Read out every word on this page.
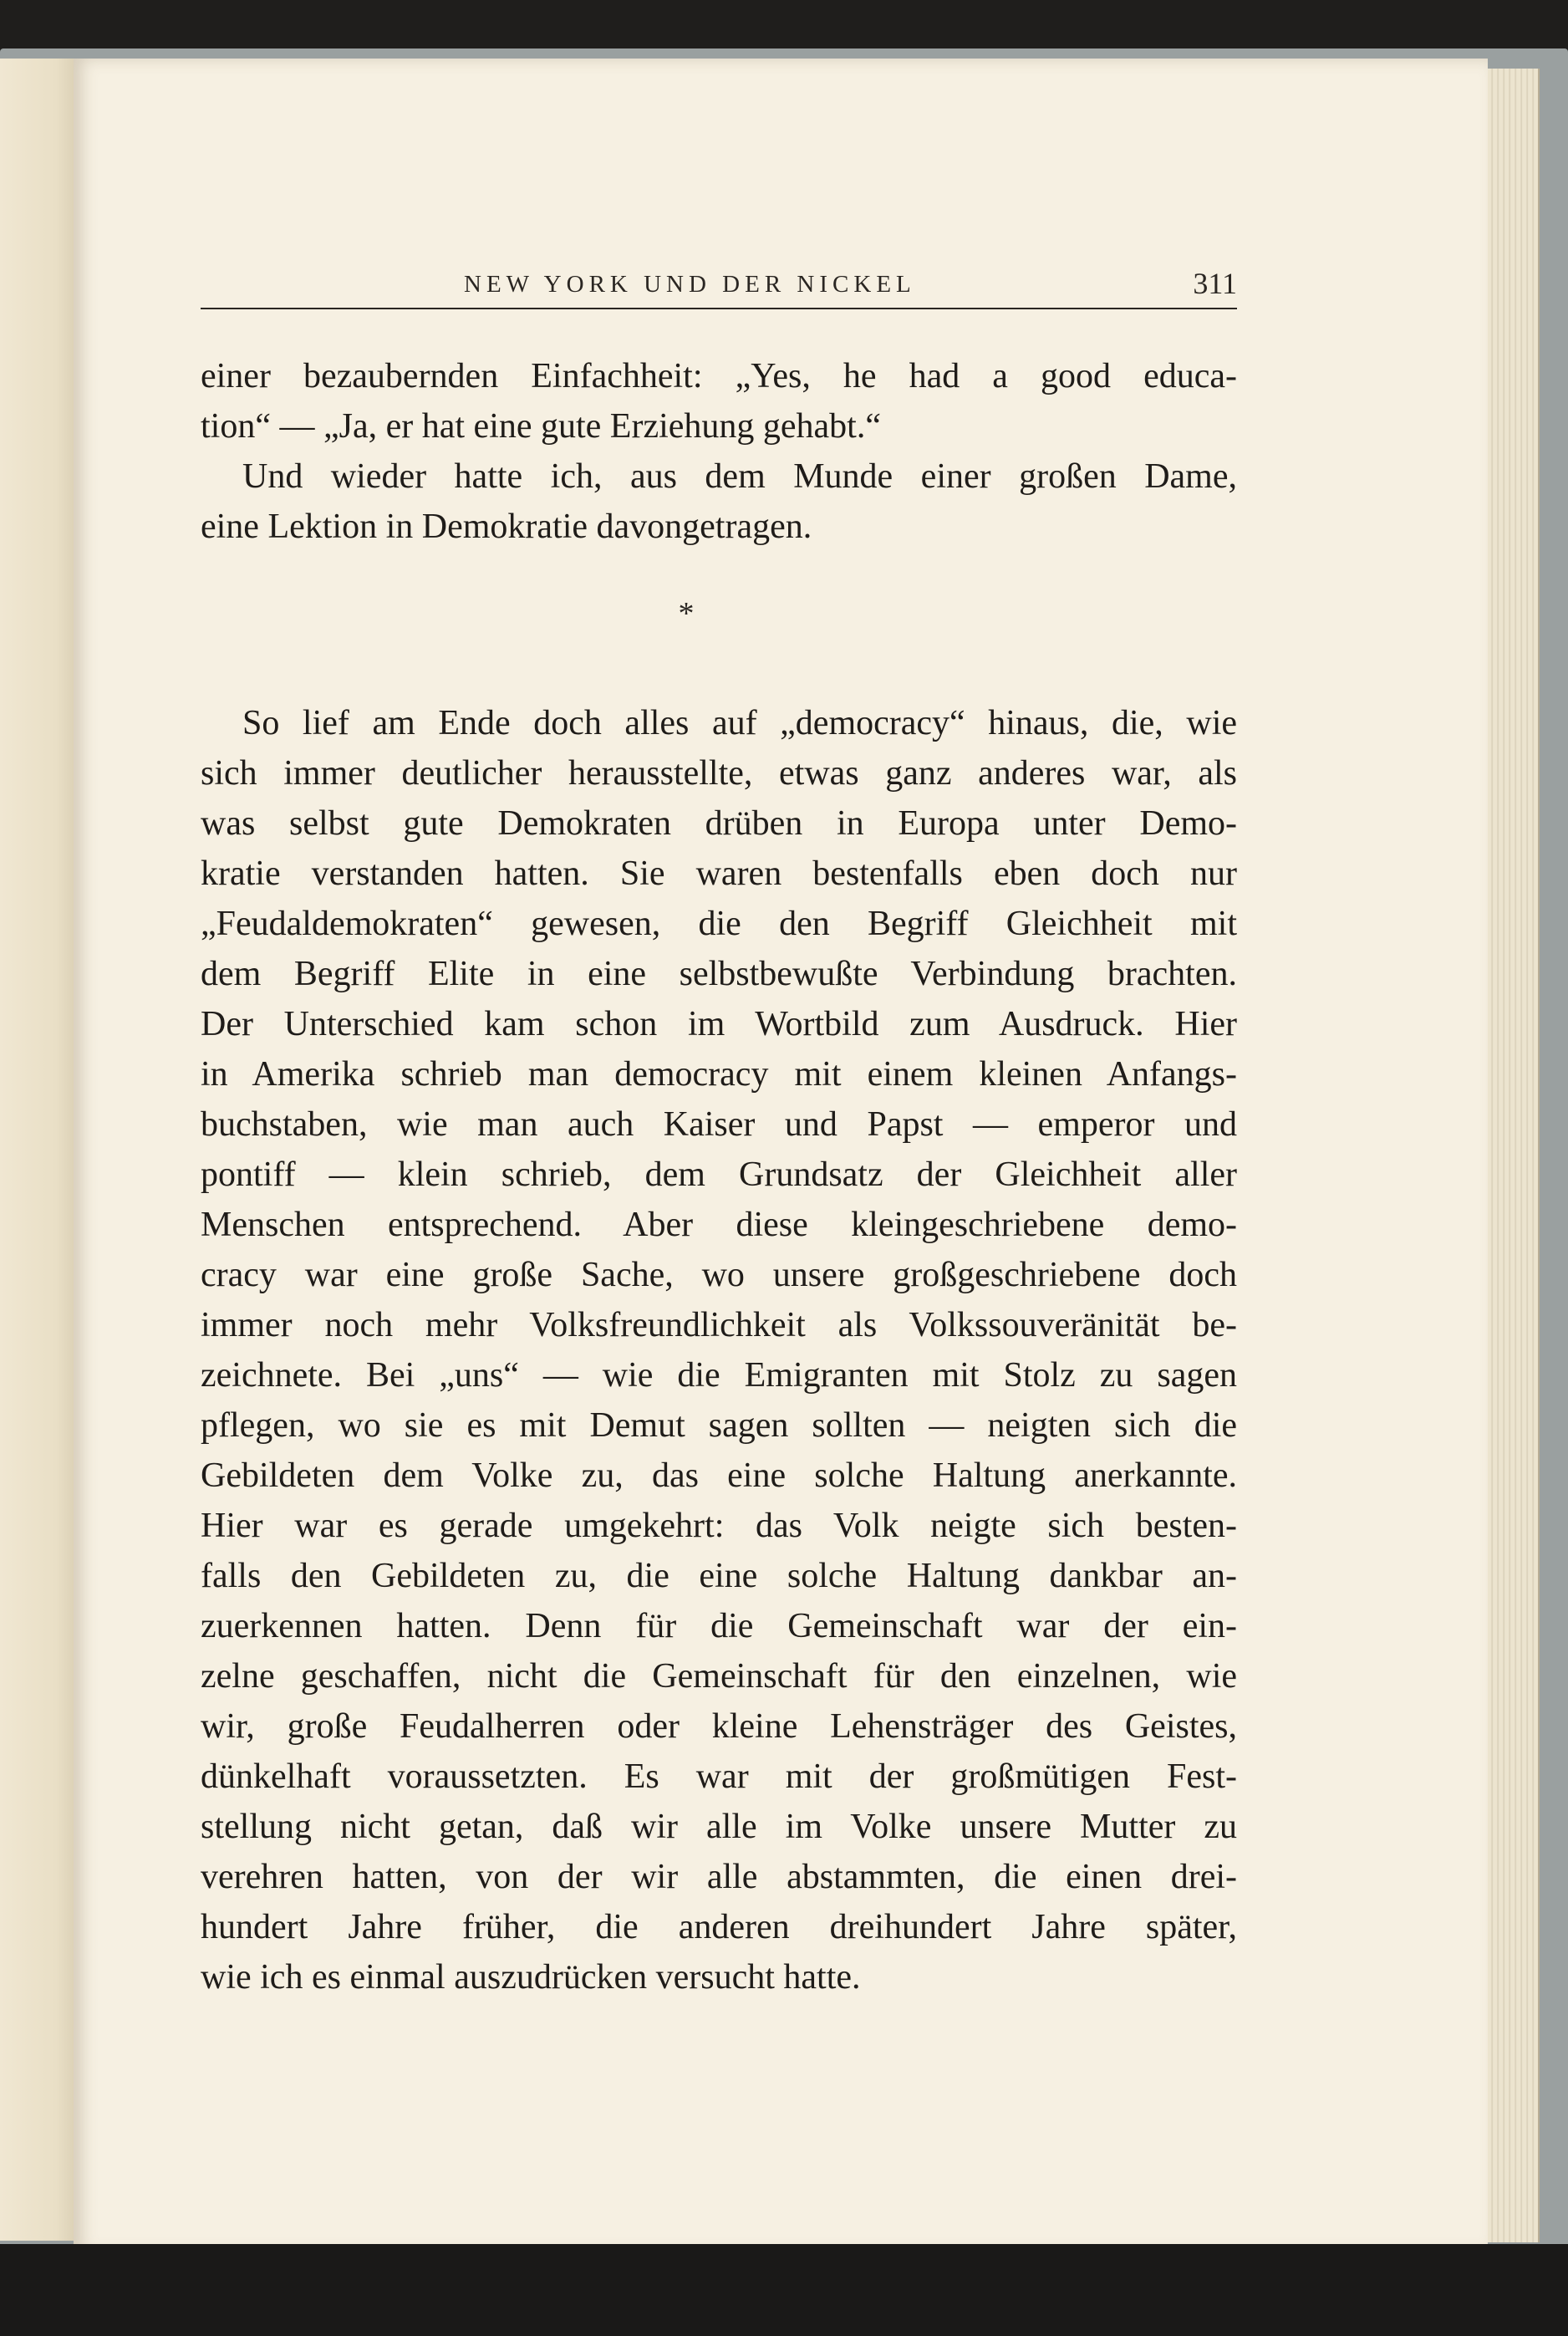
NEW YORK UND DER NICKEL	311
einer bezaubernden Einfachheit: „Yes, he had a good educa-
tion“ — „Ja, er hat eine gute Erziehung gehabt.“
Und wieder hatte ich, aus dem Munde einer großen Dame,
eine Lektion in Demokratie davongetragen.
*
So lief am Ende doch alles auf „democracy“ hinaus, die, wie
sich immer deutlicher herausstellte, etwas ganz anderes war, als
was selbst gute Demokraten drüben in Europa unter Demo-
kratie verstanden hatten. Sie waren bestenfalls eben doch nur
„Feudaldemokraten“ gewesen, die den Begriff Gleichheit mit
dem Begriff Elite in eine selbstbewußte Verbindung brachten.
Der Unterschied kam schon im Wortbild zum Ausdruck. Hier
in Amerika schrieb man democracy mit einem kleinen Anfangs-
buchstaben, wie man auch Kaiser und Papst — emperor und
pontiff — klein schrieb, dem Grundsatz der Gleichheit aller
Menschen entsprechend. Aber diese kleingeschriebene demo-
cracy war eine große Sache, wo unsere großgeschriebene doch
immer noch mehr Volksfreundlichkeit als Volkssouveränität be-
zeichnete. Bei „uns“ — wie die Emigranten mit Stolz zu sagen
pflegen, wo sie es mit Demut sagen sollten — neigten sich die
Gebildeten dem Volke zu, das eine solche Haltung anerkannte.
Hier war es gerade umgekehrt: das Volk neigte sich besten-
falls den Gebildeten zu, die eine solche Haltung dankbar an-
zuerkennen hatten. Denn für die Gemeinschaft war der ein-
zelne geschaffen, nicht die Gemeinschaft für den einzelnen, wie
wir, große Feudalherren oder kleine Lehensträger des Geistes,
dünkelhaft voraussetzten. Es war mit der großmütigen Fest-
stellung nicht getan, daß wir alle im Volke unsere Mutter zu
verehren hatten, von der wir alle abstammten, die einen drei-
hundert Jahre früher, die anderen dreihundert Jahre später,
wie ich es einmal auszudrücken versucht hatte.
